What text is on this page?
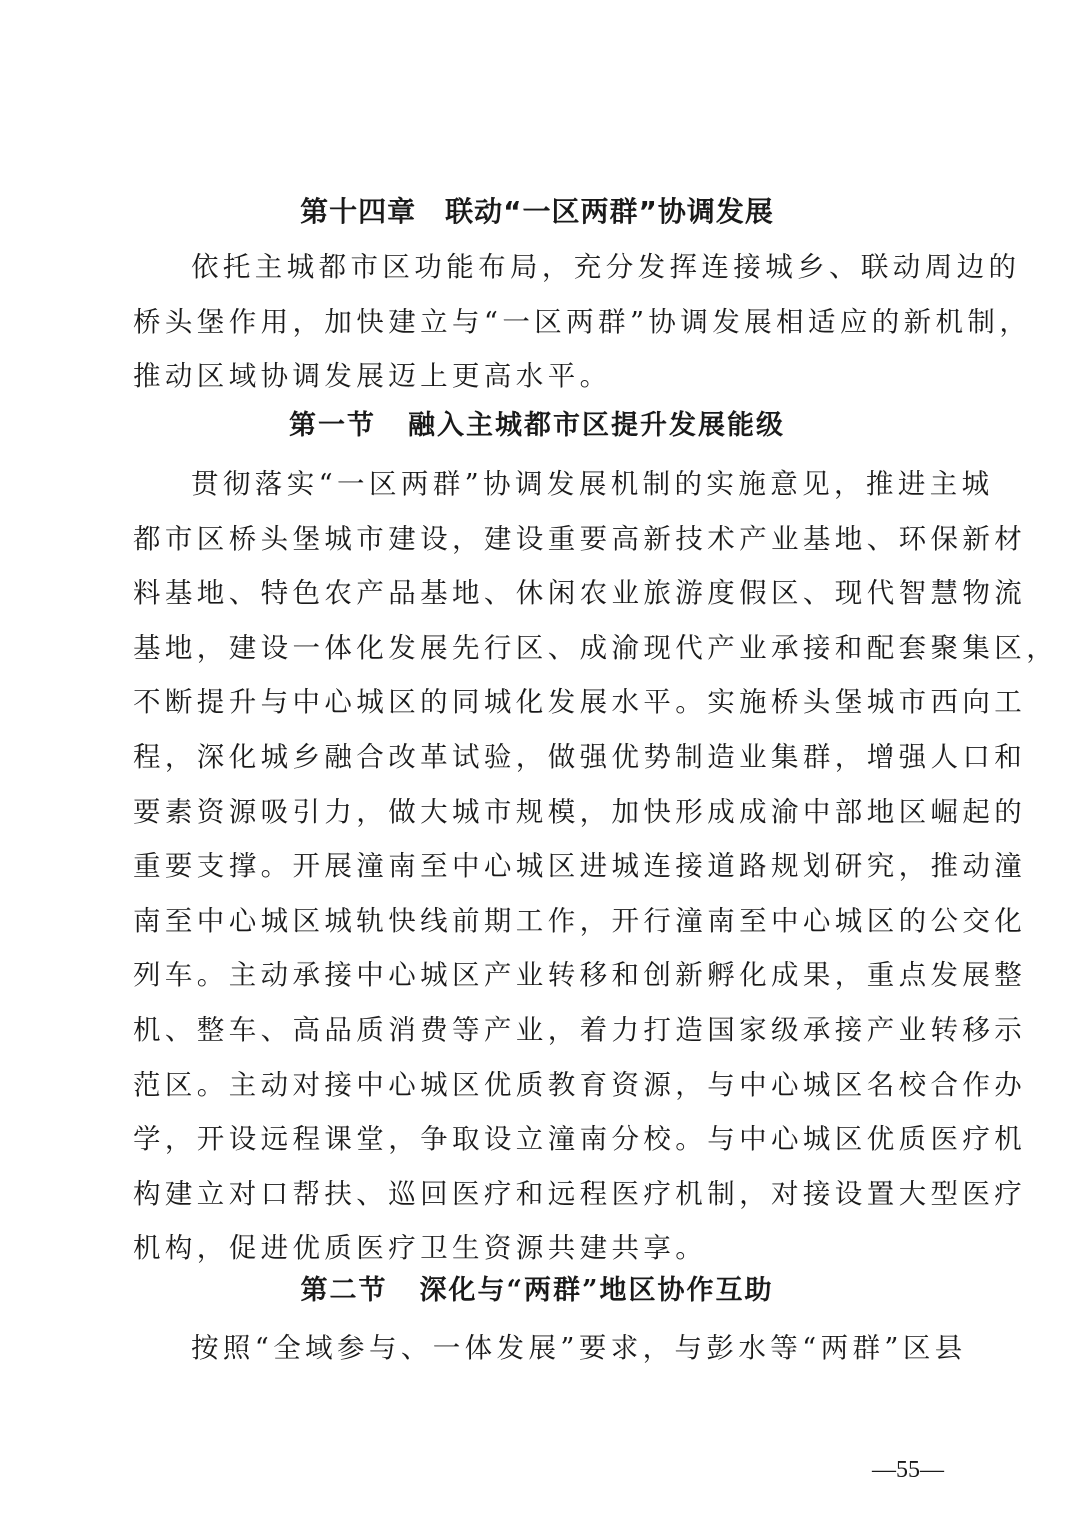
第十四章　联动“一区两群”协调发展
依托主城都市区功能布局，充分发挥连接城乡、联动周边的
桥头堡作用，加快建立与“一区两群”协调发展相适应的新机制，
推动区域协调发展迈上更高水平。
第一节 融入主城都市区提升发展能级
贯彻落实“一区两群”协调发展机制的实施意见，推进主城
都市区桥头堡城市建设，建设重要高新技术产业基地、环保新材
料基地、特色农产品基地、休闲农业旅游度假区、现代智慧物流
基地，建设一体化发展先行区、成渝现代产业承接和配套聚集区，
不断提升与中心城区的同城化发展水平。实施桥头堡城市西向工
程，深化城乡融合改革试验，做强优势制造业集群，增强人口和
要素资源吸引力，做大城市规模，加快形成成渝中部地区崛起的
重要支撑。开展潼南至中心城区进城连接道路规划研究，推动潼
南至中心城区城轨快线前期工作，开行潼南至中心城区的公交化
列车。主动承接中心城区产业转移和创新孵化成果，重点发展整
机、整车、高品质消费等产业，着力打造国家级承接产业转移示
范区。主动对接中心城区优质教育资源，与中心城区名校合作办
学，开设远程课堂，争取设立潼南分校。与中心城区优质医疗机
构建立对口帮扶、巡回医疗和远程医疗机制，对接设置大型医疗
机构，促进优质医疗卫生资源共建共享。
第二节 深化与“两群”地区协作互助
按照“全域参与、一体发展”要求，与彭水等“两群”区县
—55—
